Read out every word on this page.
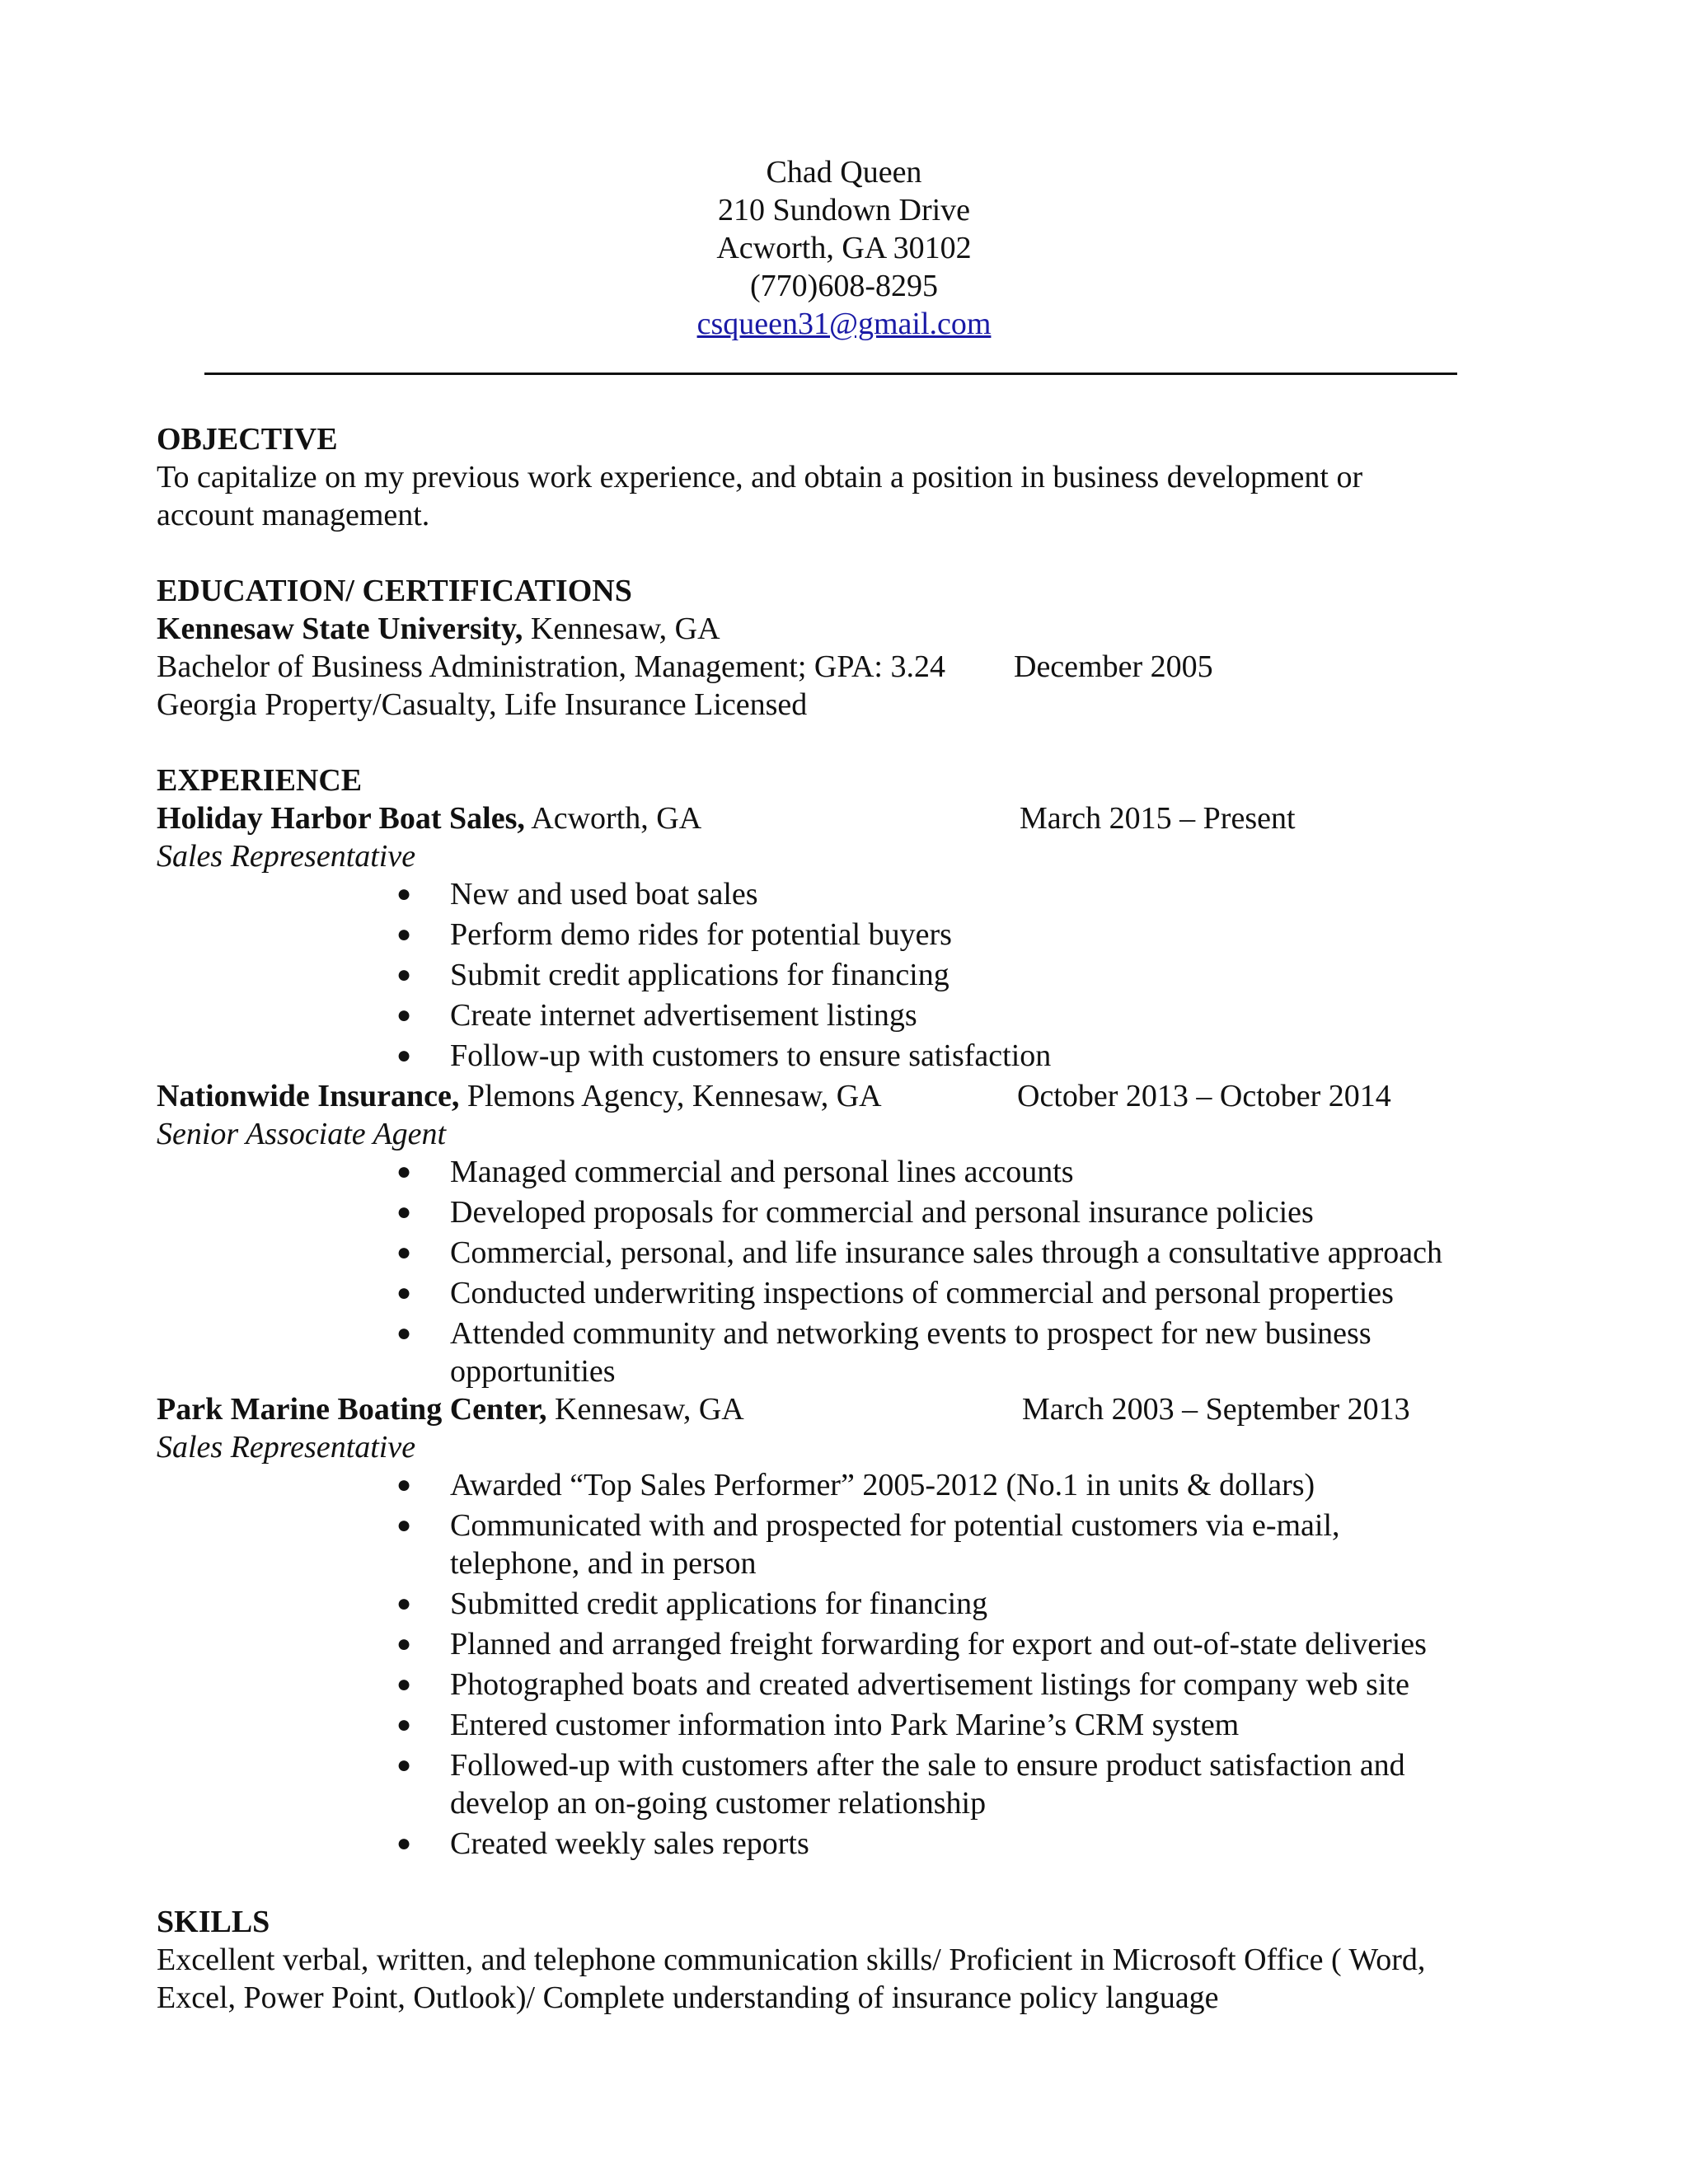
Chad Queen
210 Sundown Drive
Acworth, GA 30102
(770)608-8295
csqueen31@gmail.com
OBJECTIVE
To capitalize on my previous work experience, and obtain a position in business development or
account management.
EDUCATION/ CERTIFICATIONS
Kennesaw State University, Kennesaw, GA
Bachelor of Business Administration, Management; GPA: 3.24 December 2005
Georgia Property/Casualty, Life Insurance Licensed
EXPERIENCE
Holiday Harbor Boat Sales, Acworth, GA	March 2015 – Present
Sales Representative
● New and used boat sales
● Perform demo rides for potential buyers
● Submit credit applications for financing
● Create internet advertisement listings
● Follow-up with customers to ensure satisfaction
Nationwide Insurance, Plemons Agency, Kennesaw, GA	October 2013 – October 2014
Senior Associate Agent
● Managed commercial and personal lines accounts
● Developed proposals for commercial and personal insurance policies
● Commercial, personal, and life insurance sales through a consultative approach
● Conducted underwriting inspections of commercial and personal properties
● Attended community and networking events to prospect for new business opportunities
Park Marine Boating Center, Kennesaw, GA	March 2003 – September 2013
Sales Representative
● Awarded “Top Sales Performer” 2005-2012 (No.1 in units & dollars)
● Communicated with and prospected for potential customers via e-mail, telephone, and in person
● Submitted credit applications for financing
● Planned and arranged freight forwarding for export and out-of-state deliveries
● Photographed boats and created advertisement listings for company web site
● Entered customer information into Park Marine’s CRM system
● Followed-up with customers after the sale to ensure product satisfaction and develop an on-going customer relationship
● Created weekly sales reports
SKILLS
Excellent verbal, written, and telephone communication skills/ Proficient in Microsoft Office ( Word,
Excel, Power Point, Outlook)/ Complete understanding of insurance policy language
